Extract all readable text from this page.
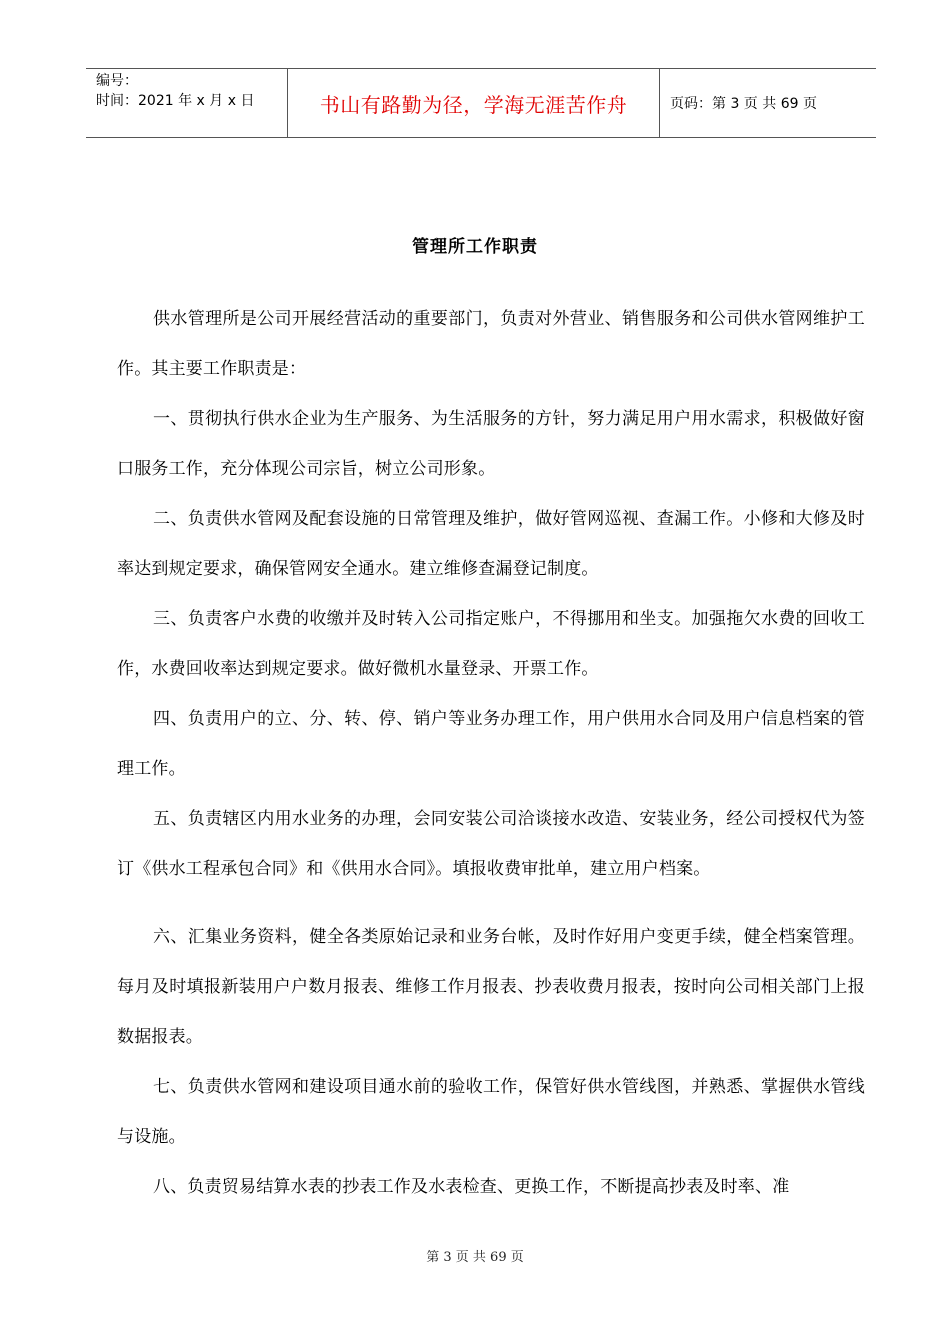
编号：
时间：2021 年 x 月 x 日	书山有路勤为径，学海无涯苦作舟	页码：第 3 页 共 69 页
管理所工作职责

供水管理所是公司开展经营活动的重要部门，负责对外营业、销售服务和公司供水管网维护工作。其主要工作职责是：

一、贯彻执行供水企业为生产服务、为生活服务的方针，努力满足用户用水需求，积极做好窗口服务工作，充分体现公司宗旨，树立公司形象。

二、负责供水管网及配套设施的日常管理及维护，做好管网巡视、查漏工作。小修和大修及时率达到规定要求，确保管网安全通水。建立维修查漏登记制度。

三、负责客户水费的收缴并及时转入公司指定账户，不得挪用和坐支。加强拖欠水费的回收工作，水费回收率达到规定要求。做好微机水量登录、开票工作。

四、负责用户的立、分、转、停、销户等业务办理工作，用户供用水合同及用户信息档案的管理工作。

五、负责辖区内用水业务的办理，会同安装公司洽谈接水改造、安装业务，经公司授权代为签订《供水工程承包合同》和《供用水合同》。填报收费审批单，建立用户档案。

六、汇集业务资料，健全各类原始记录和业务台帐，及时作好用户变更手续，健全档案管理。每月及时填报新装用户户数月报表、维修工作月报表、抄表收费月报表，按时向公司相关部门上报数据报表。

七、负责供水管网和建设项目通水前的验收工作，保管好供水管线图，并熟悉、掌握供水管线与设施。

八、负责贸易结算水表的抄表工作及水表检查、更换工作，不断提高抄表及时率、准

第 3 页 共 69 页
